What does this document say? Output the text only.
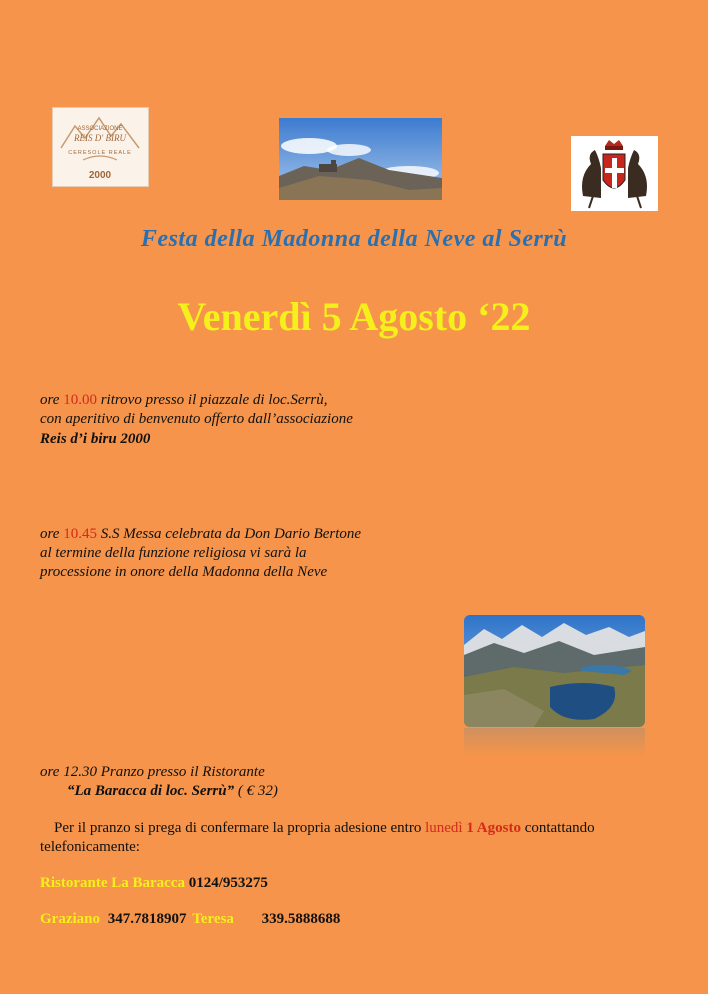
ASSOCIAZIONE
REIS D' BIRU
CERESOLE REALE
2000
Festa della Madonna della Neve al Serrù
Venerdì 5 Agosto ‘22
ore 10.00 ritrovo presso il piazzale di loc.Serrù,
con aperitivo di benvenuto offerto dall’associazione
Reis d’i biru 2000
ore 10.45 S.S Messa celebrata da Don Dario Bertone
al termine della funzione religiosa vi sarà la
processione in onore della Madonna della Neve
ore 12.30 Pranzo presso il Ristorante
“La Baracca di loc. Serrù” ( € 32)
Per il pranzo si prega di confermare la propria adesione entro lunedì 1 Agosto contattando
telefonicamente:
Ristorante La Baracca 0124/953275
Graziano 347.7818907 Teresa 339.5888688
